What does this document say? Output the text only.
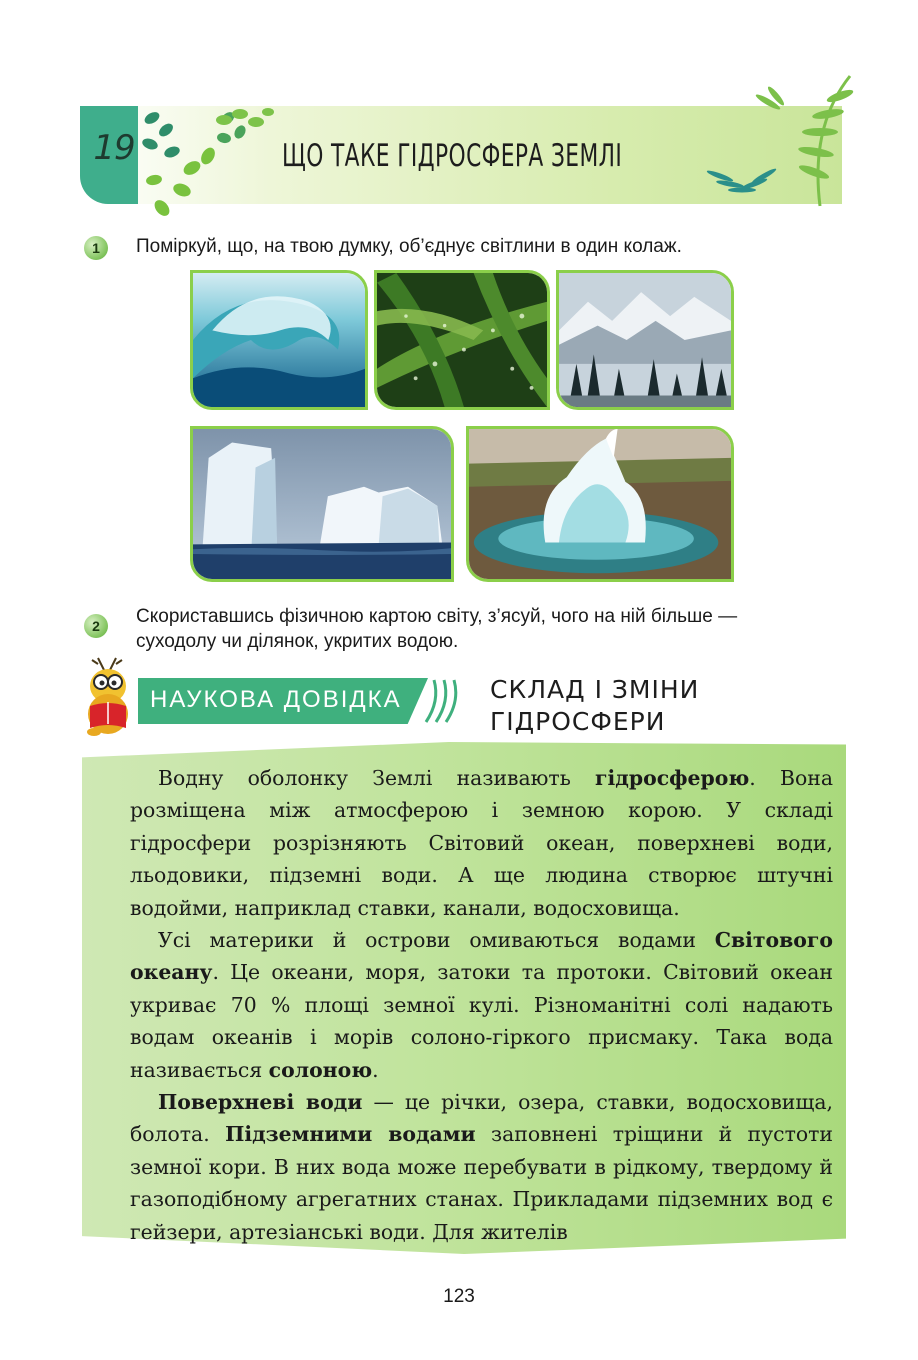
19	ЩО ТАКЕ ГІДРОСФЕРА ЗЕМЛІ
1	Поміркуй, що, на твою думку, об’єднує світлини в один колаж.
2	Скориставшись фізичною картою світу, з’ясуй, чого на ній більше —
суходолу чи ділянок, укритих водою.
НАУКОВА ДОВІДКА	СКЛАД І ЗМІНИ
ГІДРОСФЕРИ

Водну оболонку Землі називають гідросферою. Вона розміщена між атмосферою і земною корою. У складі гідросфери розрізняють Світовий океан, поверхневі води, льодовики, підземні води. А ще людина створює штучні водойми, наприклад ставки, канали, водосховища.

Усі материки й острови омиваються водами Світового океану. Це океани, моря, затоки та протоки. Світовий океан укриває 70 % площі земної кулі. Різноманітні солі надають водам океанів і морів солоно-гіркого присмаку. Така вода називається солоною.

Поверхневі води — це річки, озера, ставки, водосховища, болота. Підземними водами заповнені тріщини й пустоти земної кори. В них вода може перебувати в рідкому, твердому й газоподібному агрегатних станах. Прикладами підземних вод є гейзери, артезіанські води. Для жителів

123
